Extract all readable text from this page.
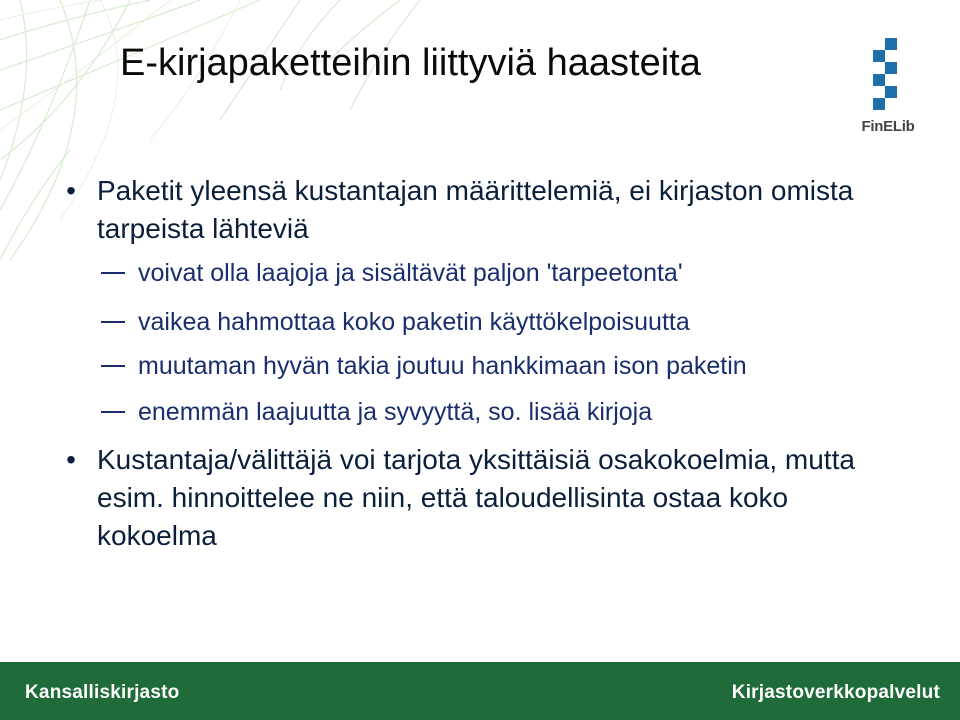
E-kirjapaketteihin liittyviä haasteita
FinELib
• Paketit yleensä kustantajan määrittelemiä, ei kirjaston omista tarpeista lähteviä
voivat olla laajoja ja sisältävät paljon 'tarpeetonta'
vaikea hahmottaa koko paketin käyttökelpoisuutta
muutaman hyvän takia joutuu hankkimaan ison paketin
enemmän laajuutta ja syvyyttä, so. lisää kirjoja
• Kustantaja/välittäjä voi tarjota yksittäisiä osakokoelmia, mutta esim. hinnoittelee ne niin, että taloudellisinta ostaa koko kokoelma
Kansalliskirjasto	Kirjastoverkkopalvelut
